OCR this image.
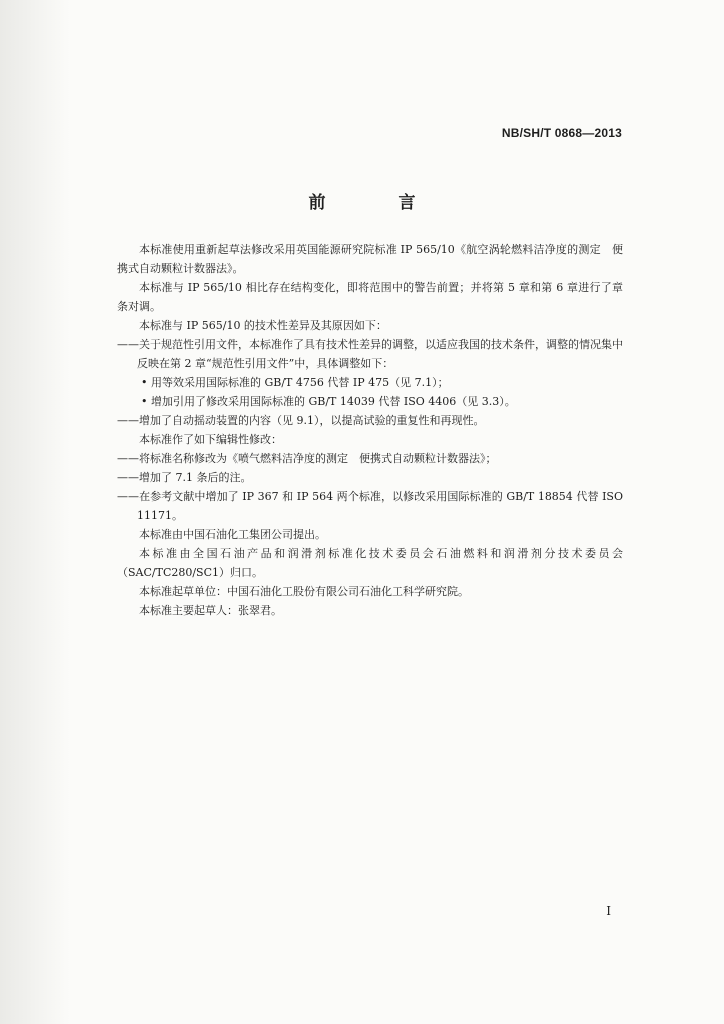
NB/SH/T 0868—2013
前　言

本标准使用重新起草法修改采用英国能源研究院标准 IP 565/10《航空涡轮燃料洁净度的测定　便携式自动颗粒计数器法》。

本标准与 IP 565/10 相比存在结构变化，即将范围中的警告前置；并将第 5 章和第 6 章进行了章条对调。

本标准与 IP 565/10 的技术性差异及其原因如下：

——关于规范性引用文件，本标准作了具有技术性差异的调整，以适应我国的技术条件，调整的情况集中反映在第 2 章“规范性引用文件”中，具体调整如下：

• 用等效采用国际标准的 GB/T 4756 代替 IP 475（见 7.1）；

• 增加引用了修改采用国际标准的 GB/T 14039 代替 ISO 4406（见 3.3）。

——增加了自动摇动装置的内容（见 9.1），以提高试验的重复性和再现性。

本标准作了如下编辑性修改：

——将标准名称修改为《喷气燃料洁净度的测定　便携式自动颗粒计数器法》；

——增加了 7.1 条后的注。

——在参考文献中增加了 IP 367 和 IP 564 两个标准，以修改采用国际标准的 GB/T 18854 代替 ISO 11171。

本标准由中国石油化工集团公司提出。

本标准由全国石油产品和润滑剂标准化技术委员会石油燃料和润滑剂分技术委员会（SAC/TC280/SC1）归口。

本标准起草单位：中国石油化工股份有限公司石油化工科学研究院。

本标准主要起草人：张翠君。

I
